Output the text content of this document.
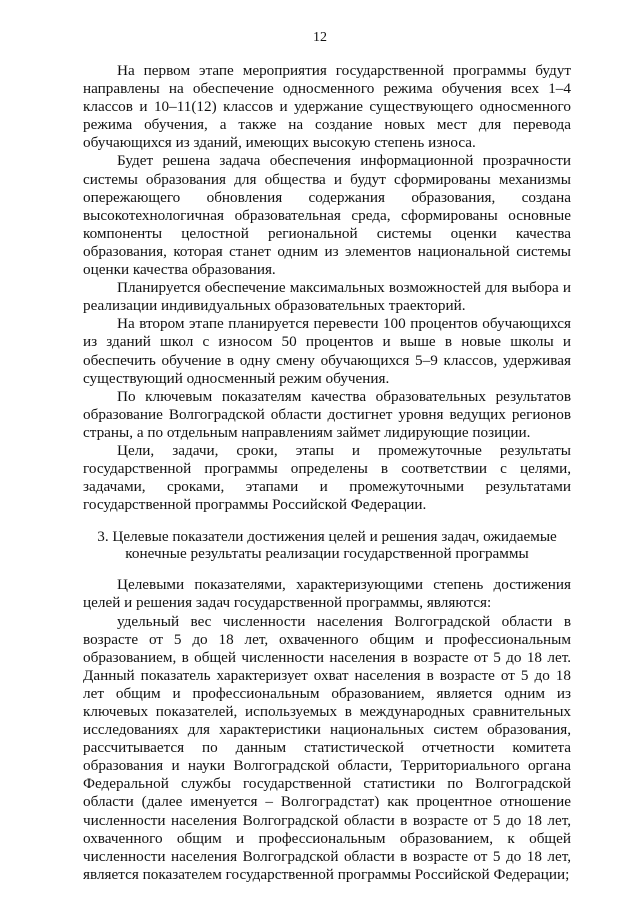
12

На первом этапе мероприятия государственной программы будут направлены на обеспечение односменного режима обучения всех 1–4 классов и 10–11(12) классов и удержание существующего односменного режима обучения, а также на создание новых мест для перевода обучающихся из зданий, имеющих высокую степень износа.

Будет решена задача обеспечения информационной прозрачности системы образования для общества и будут сформированы механизмы опережающего обновления содержания образования, создана высокотехнологичная образовательная среда, сформированы основные компоненты целостной региональной системы оценки качества образования, которая станет одним из элементов национальной системы оценки качества образования.

Планируется обеспечение максимальных возможностей для выбора и реализации индивидуальных образовательных траекторий.

На втором этапе планируется перевести 100 процентов обучающихся из зданий школ с износом 50 процентов и выше в новые школы и обеспечить обучение в одну смену обучающихся 5–9 классов, удерживая существующий односменный режим обучения.

По ключевым показателям качества образовательных результатов образование Волгоградской области достигнет уровня ведущих регионов страны, а по отдельным направлениям займет лидирующие позиции.

Цели, задачи, сроки, этапы и промежуточные результаты государственной программы определены в соответствии с целями, задачами, сроками, этапами и промежуточными результатами государственной программы Российской Федерации.

3. Целевые показатели достижения целей и решения задач, ожидаемые конечные результаты реализации государственной программы

Целевыми показателями, характеризующими степень достижения целей и решения задач государственной программы, являются:

удельный вес численности населения Волгоградской области в возрасте от 5 до 18 лет, охваченного общим и профессиональным образованием, в общей численности населения в возрасте от 5 до 18 лет. Данный показатель характеризует охват населения в возрасте от 5 до 18 лет общим и профессиональным образованием, является одним из ключевых показателей, используемых в международных сравнительных исследованиях для характеристики национальных систем образования, рассчитывается по данным статистической отчетности комитета образования и науки Волгоградской области, Территориального органа Федеральной службы государственной статистики по Волгоградской области (далее именуется – Волгоградстат) как процентное отношение численности населения Волгоградской области в возрасте от 5 до 18 лет, охваченного общим и профессиональным образованием, к общей численности населения Волгоградской области в возрасте от 5 до 18 лет, является показателем государственной программы Российской Федерации;
